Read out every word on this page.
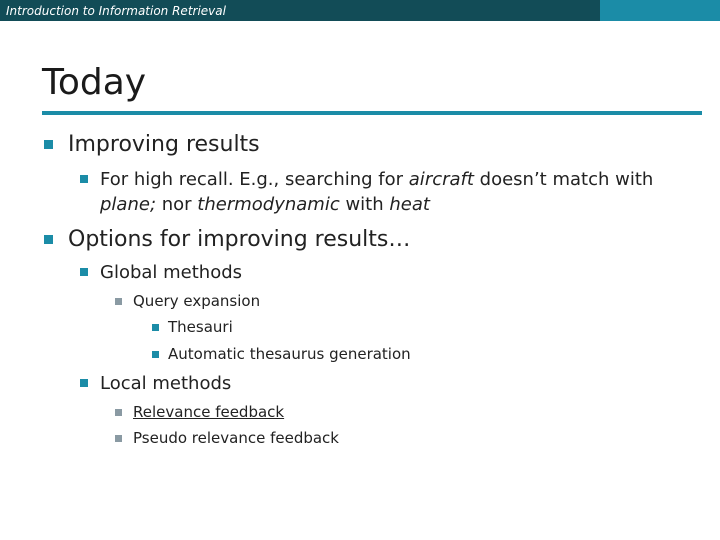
Introduction to Information Retrieval
Today
Improving results
For high recall. E.g., searching for aircraft doesn’t match with plane; nor thermodynamic with heat
Options for improving results…
Global methods
Query expansion
Thesauri
Automatic thesaurus generation
Local methods
Relevance feedback
Pseudo relevance feedback
